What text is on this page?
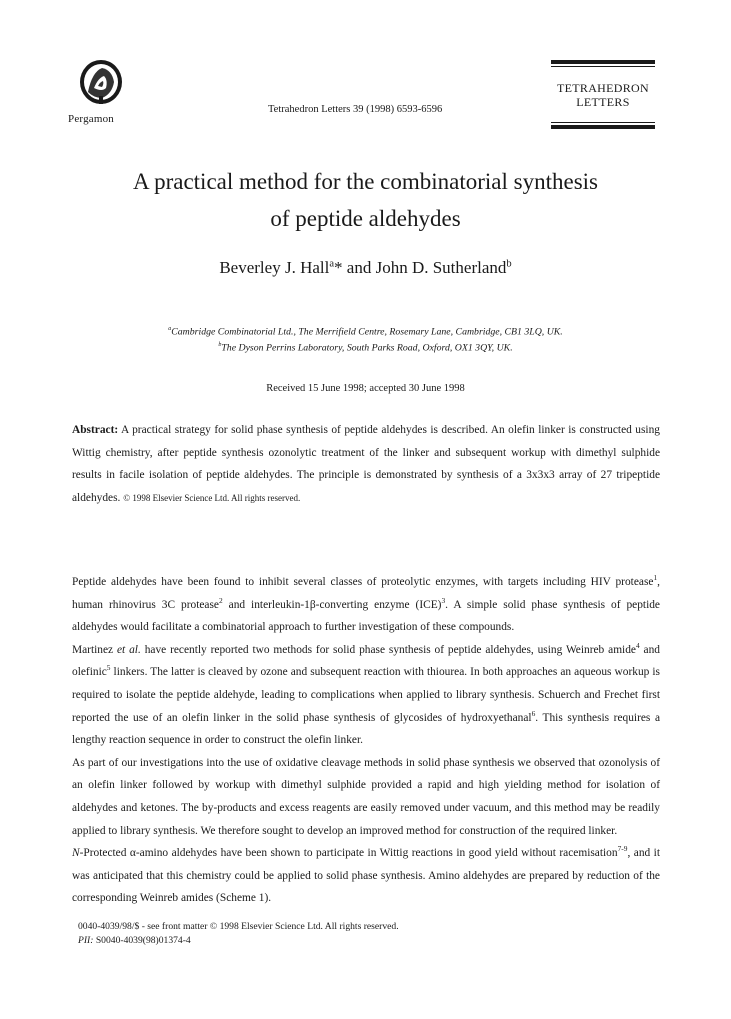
Pergamon
Tetrahedron Letters 39 (1998) 6593-6596
TETRAHEDRON
LETTERS
A practical method for the combinatorial synthesis
of peptide aldehydes
Beverley J. Hall$^a$* and John D. Sutherland$^b$
$^a$Cambridge Combinatorial Ltd., The Merrifield Centre, Rosemary Lane, Cambridge, CB1 3LQ, UK.
$^b$The Dyson Perrins Laboratory, South Parks Road, Oxford, OX1 3QY, UK.
Received 15 June 1998; accepted 30 June 1998
Abstract: A practical strategy for solid phase synthesis of peptide aldehydes is described. An olefin linker is constructed using Wittig chemistry, after peptide synthesis ozonolytic treatment of the linker and subsequent workup with dimethyl sulphide results in facile isolation of peptide aldehydes. The principle is demonstrated by synthesis of a 3x3x3 array of 27 tripeptide aldehydes. © 1998 Elsevier Science Ltd. All rights reserved.

Peptide aldehydes have been found to inhibit several classes of proteolytic enzymes, with targets including HIV protease$^1$, human rhinovirus 3C protease$^2$ and interleukin-1β-converting enzyme (ICE)$^3$. A simple solid phase synthesis of peptide aldehydes would facilitate a combinatorial approach to further investigation of these compounds.

Martinez et al. have recently reported two methods for solid phase synthesis of peptide aldehydes, using Weinreb amide$^4$ and olefinic$^5$ linkers. The latter is cleaved by ozone and subsequent reaction with thiourea. In both approaches an aqueous workup is required to isolate the peptide aldehyde, leading to complications when applied to library synthesis. Schuerch and Frechet first reported the use of an olefin linker in the solid phase synthesis of glycosides of hydroxyethanal$^6$. This synthesis requires a lengthy reaction sequence in order to construct the olefin linker.

As part of our investigations into the use of oxidative cleavage methods in solid phase synthesis we observed that ozonolysis of an olefin linker followed by workup with dimethyl sulphide provided a rapid and high yielding method for isolation of aldehydes and ketones. The by-products and excess reagents are easily removed under vacuum, and this method may be readily applied to library synthesis. We therefore sought to develop an improved method for construction of the required linker.

N-Protected α-amino aldehydes have been shown to participate in Wittig reactions in good yield without racemisation$^{7-9}$, and it was anticipated that this chemistry could be applied to solid phase synthesis. Amino aldehydes are prepared by reduction of the corresponding Weinreb amides (Scheme 1).

0040-4039/98/$ - see front matter © 1998 Elsevier Science Ltd. All rights reserved.
PII: S0040-4039(98)01374-4
